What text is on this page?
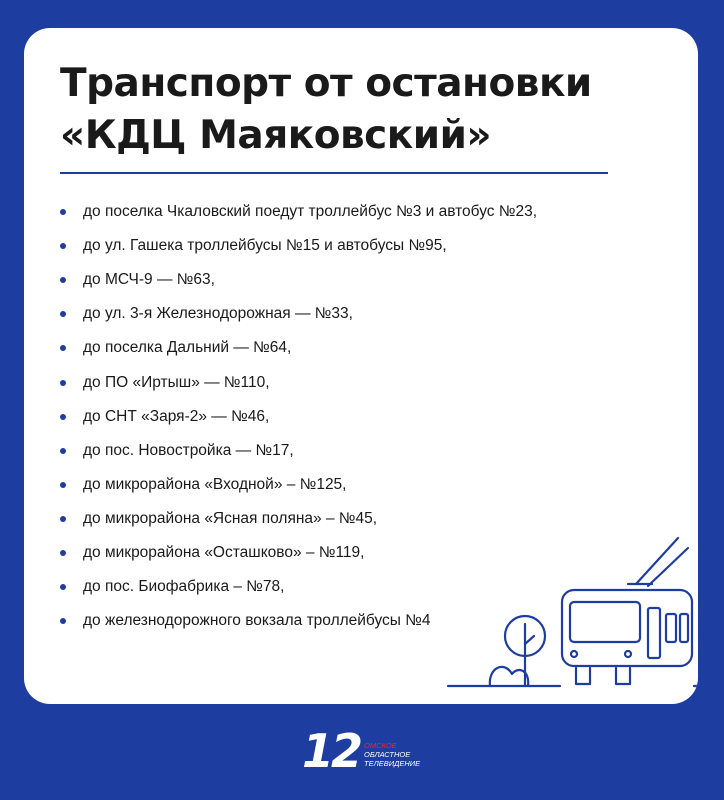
Транспорт от остановки
«КДЦ Маяковский»
до поселка Чкаловский поедут троллейбус №3 и автобус №23,
до ул. Гашека троллейбусы №15 и автобусы №95,
до МСЧ-9 — №63,
до ул. 3-я Железнодорожная — №33,
до поселка Дальний — №64,
до ПО «Иртыш» — №110,
до СНТ «Заря-2» — №46,
до пос. Новостройка — №17,
до микрорайона «Входной» – №125,
до микрорайона «Ясная поляна» – №45,
до микрорайона «Осташково» – №119,
до пос. Биофабрика – №78,
до железнодорожного вокзала троллейбусы №4
12 ОМСКОЕ
ОБЛАСТНОЕ
ТЕЛЕВИДЕНИЕ
